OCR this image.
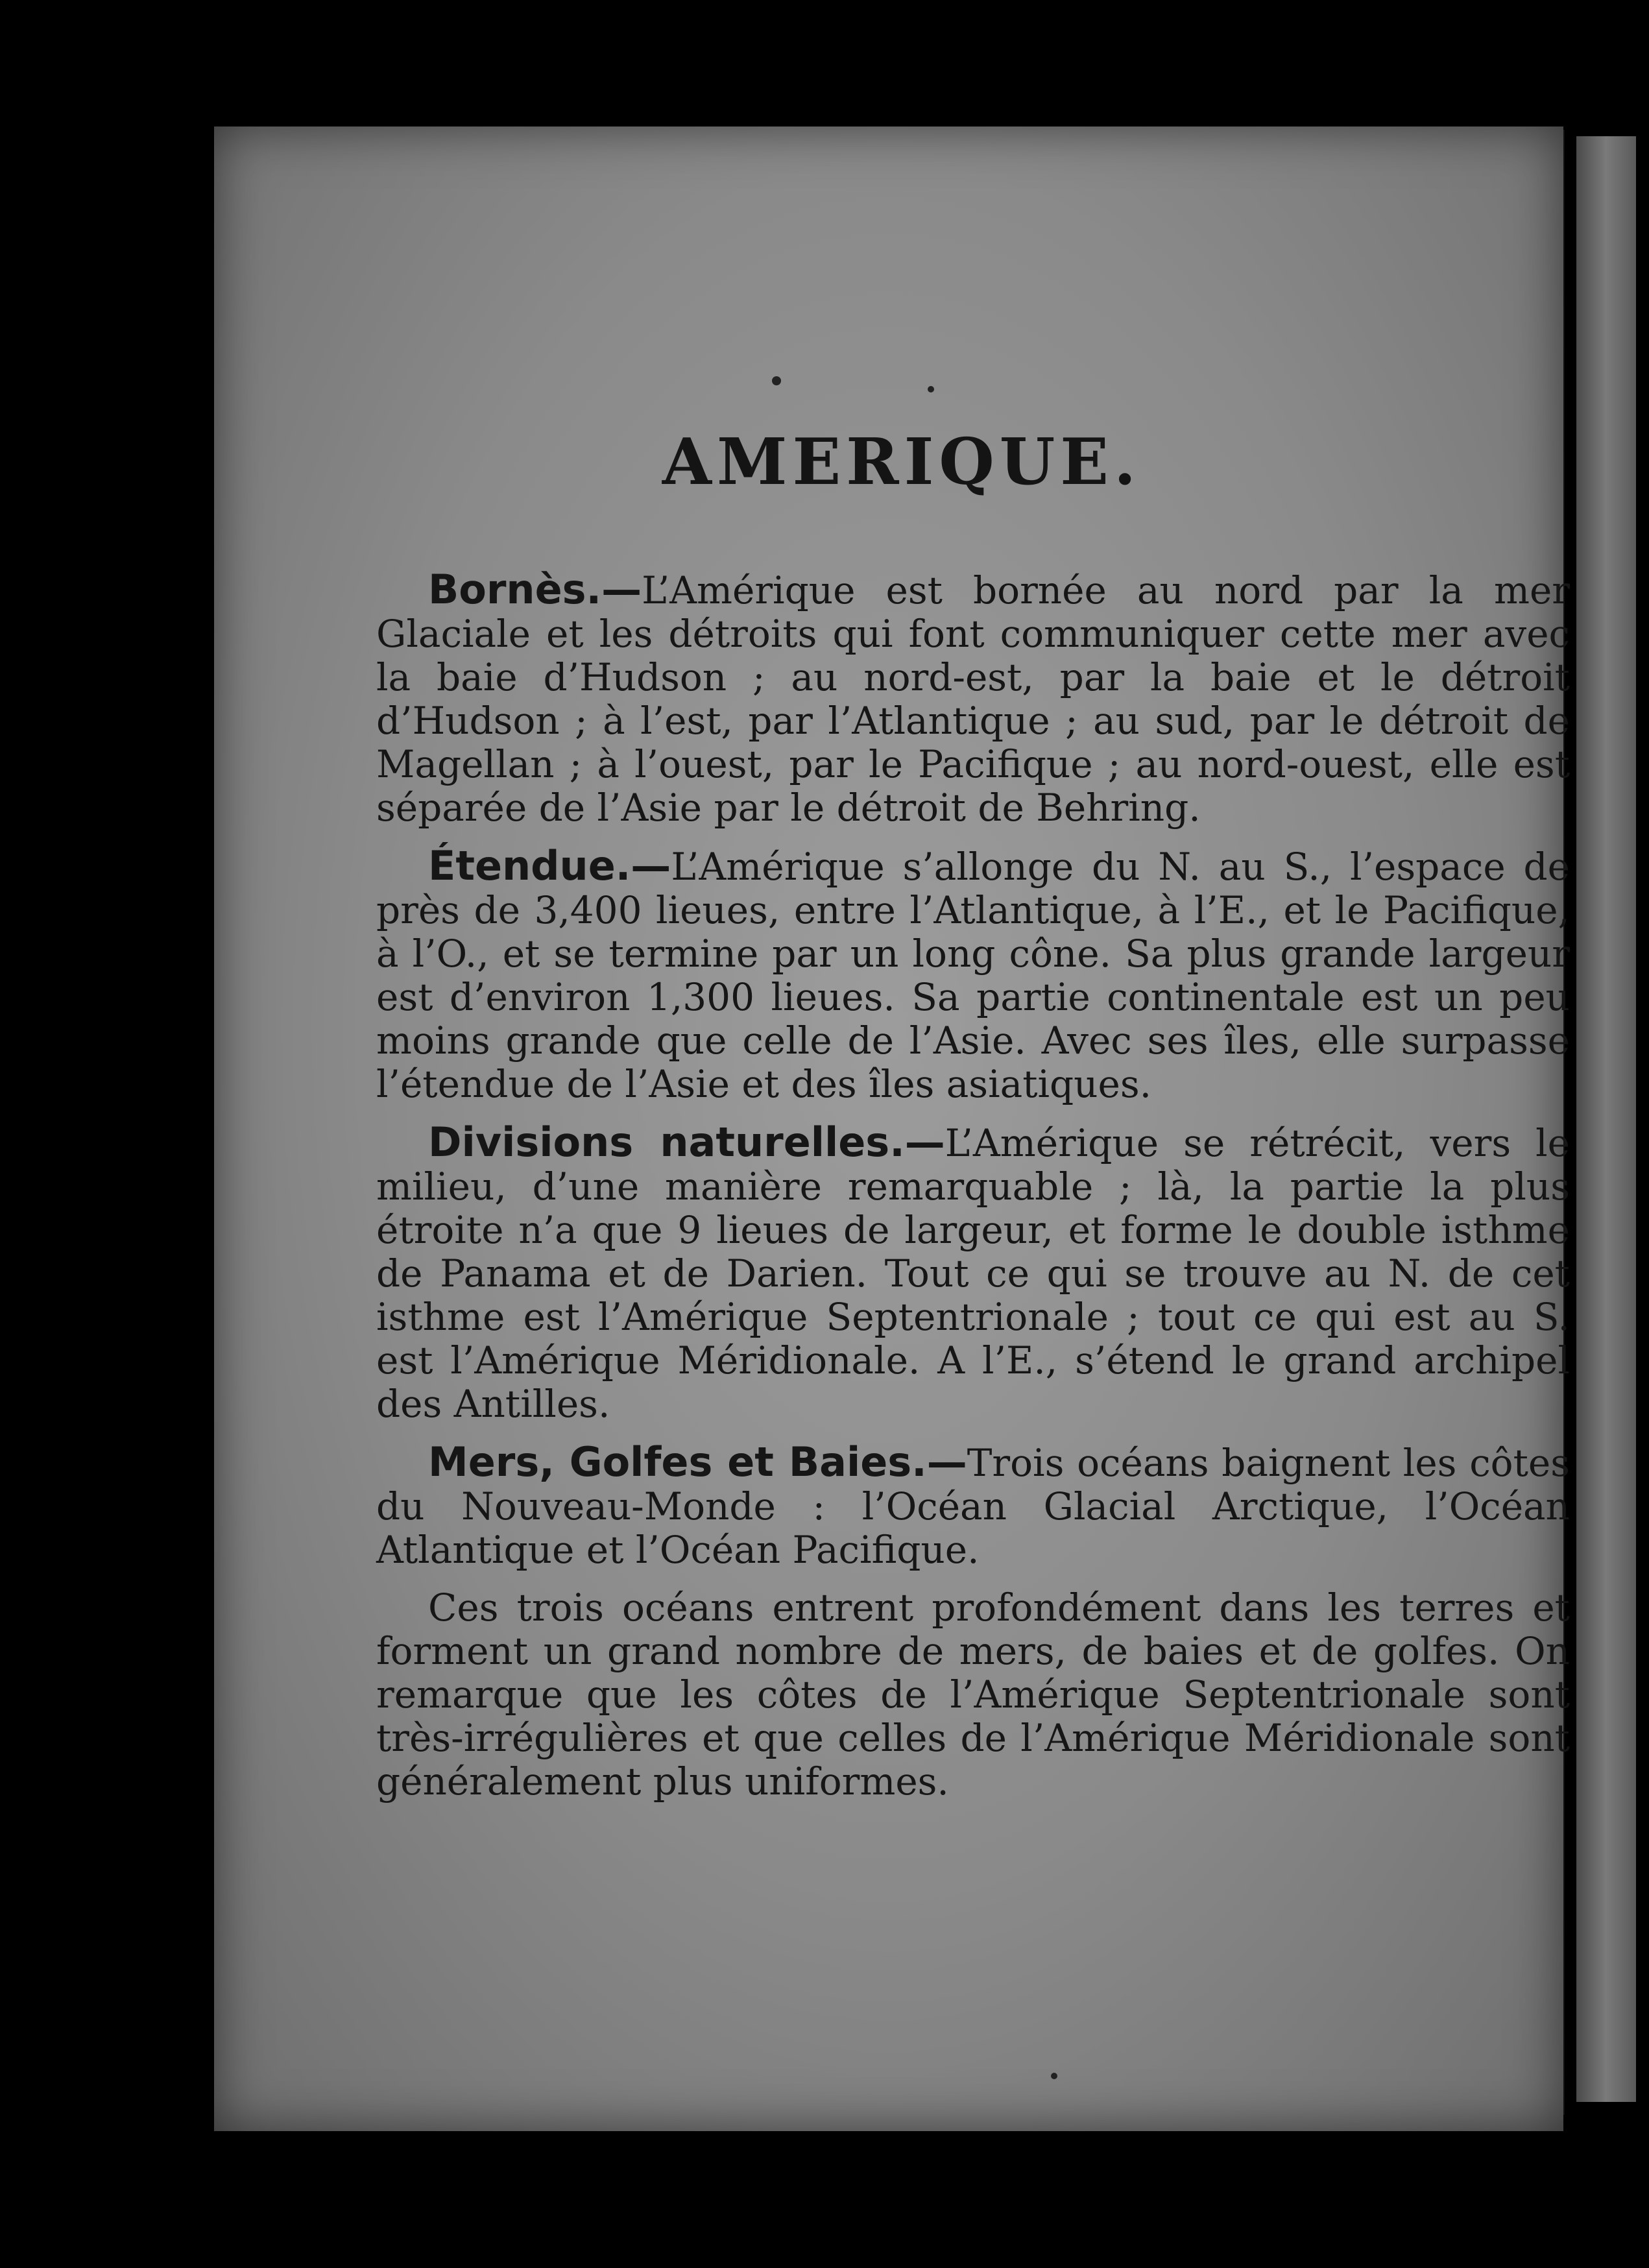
AMERIQUE.

Bornès.—L’Amérique est bornée au nord par la mer Glaciale et les détroits qui font communiquer cette mer avec la baie d’Hudson ; au nord-est, par la baie et le détroit d’Hudson ; à l’est, par l’Atlantique ; au sud, par le détroit de Magellan ; à l’ouest, par le Pacifique ; au nord-ouest, elle est séparée de l’Asie par le détroit de Behring.

Étendue.—L’Amérique s’allonge du N. au S., l’espace de près de 3,400 lieues, entre l’Atlantique, à l’E., et le Pacifique, à l’O., et se termine par un long cône. Sa plus grande largeur est d’environ 1,300 lieues. Sa partie continentale est un peu moins grande que celle de l’Asie. Avec ses îles, elle surpasse l’étendue de l’Asie et des îles asiatiques.

Divisions naturelles.—L’Amérique se rétrécit, vers le milieu, d’une manière remarquable ; là, la partie la plus étroite n’a que 9 lieues de largeur, et forme le double isthme de Panama et de Darien. Tout ce qui se trouve au N. de cet isthme est l’Amérique Septentrionale ; tout ce qui est au S. est l’Amérique Méridionale. A l’E., s’étend le grand archipel des Antilles.

Mers, Golfes et Baies.—Trois océans baignent les côtes du Nouveau-Monde : l’Océan Glacial Arctique, l’Océan Atlantique et l’Océan Pacifique.

Ces trois océans entrent profondément dans les terres et forment un grand nombre de mers, de baies et de golfes. On remarque que les côtes de l’Amérique Septentrionale sont très-irrégulières et que celles de l’Amérique Méridionale sont généralement plus uniformes.
